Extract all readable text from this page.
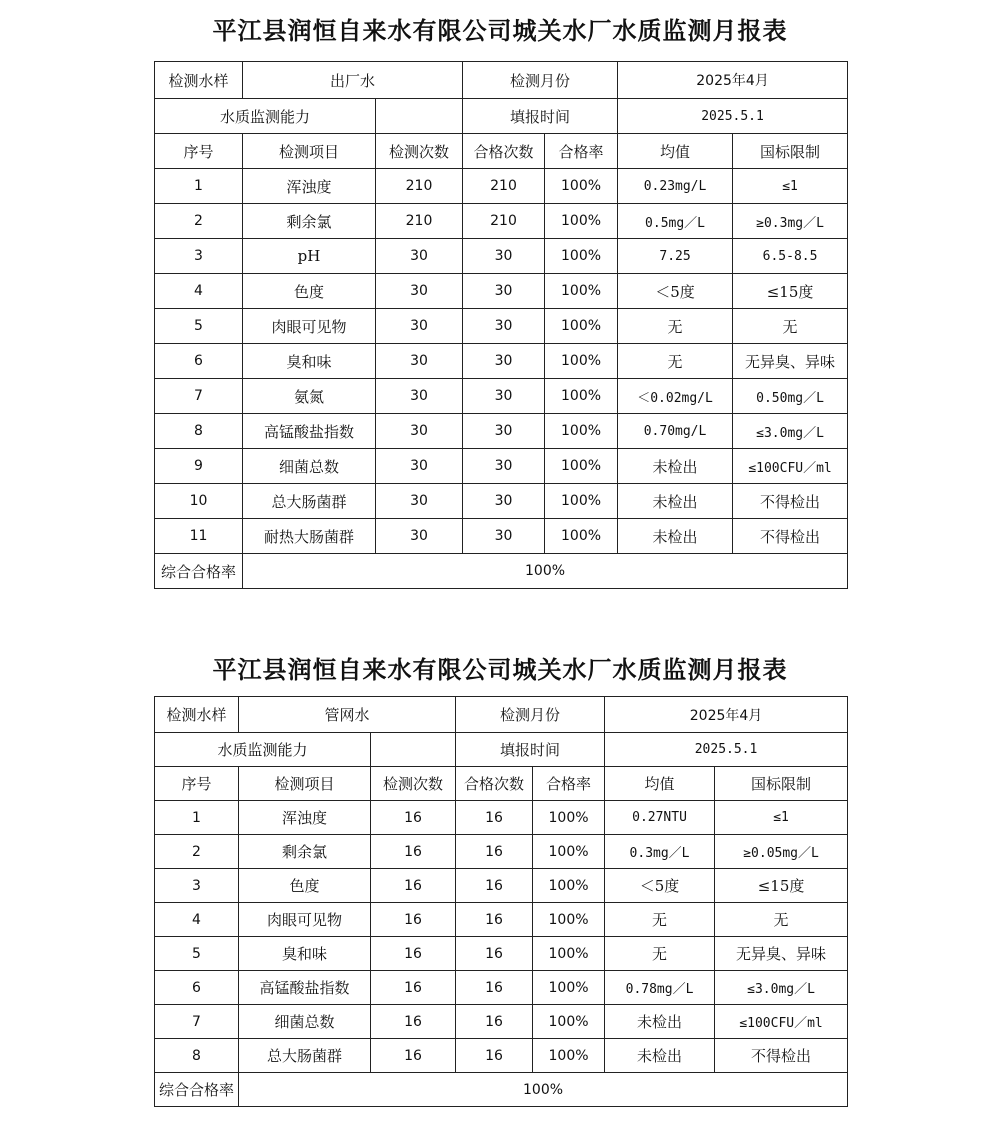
平江县润恒自来水有限公司城关水厂水质监测月报表
检测水样	出厂水		检测月份		2025年4月	
水质监测能力			填报时间		2025.5.1	
序号	检测项目	检测次数	合格次数	合格率	均值	国标限制
1	浑浊度	210	210	100%	0.23mg/L	≤1
2	剩余氯	210	210	100%	0.5mg／L	≥0.3mg／L
3	pH	30	30	100%	7.25	6.5-8.5
4	色度	30	30	100%	＜5度	≤15度
5	肉眼可见物	30	30	100%	无	无
6	臭和味	30	30	100%	无	无异臭、异味
7	氨氮	30	30	100%	＜0.02mg/L	0.50mg／L
8	高锰酸盐指数	30	30	100%	0.70mg/L	≤3.0mg／L
9	细菌总数	30	30	100%	未检出	≤100CFU／ml
10	总大肠菌群	30	30	100%	未检出	不得检出
11	耐热大肠菌群	30	30	100%	未检出	不得检出
综合合格率	100%					
平江县润恒自来水有限公司城关水厂水质监测月报表
检测水样	管网水		检测月份		2025年4月	
水质监测能力			填报时间		2025.5.1	
序号	检测项目	检测次数	合格次数	合格率	均值	国标限制
1	浑浊度	16	16	100%	0.27NTU	≤1
2	剩余氯	16	16	100%	0.3mg／L	≥0.05mg／L
3	色度	16	16	100%	＜5度	≤15度
4	肉眼可见物	16	16	100%	无	无
5	臭和味	16	16	100%	无	无异臭、异味
6	高锰酸盐指数	16	16	100%	0.78mg／L	≤3.0mg／L
7	细菌总数	16	16	100%	未检出	≤100CFU／ml
8	总大肠菌群	16	16	100%	未检出	不得检出
综合合格率	100%					
